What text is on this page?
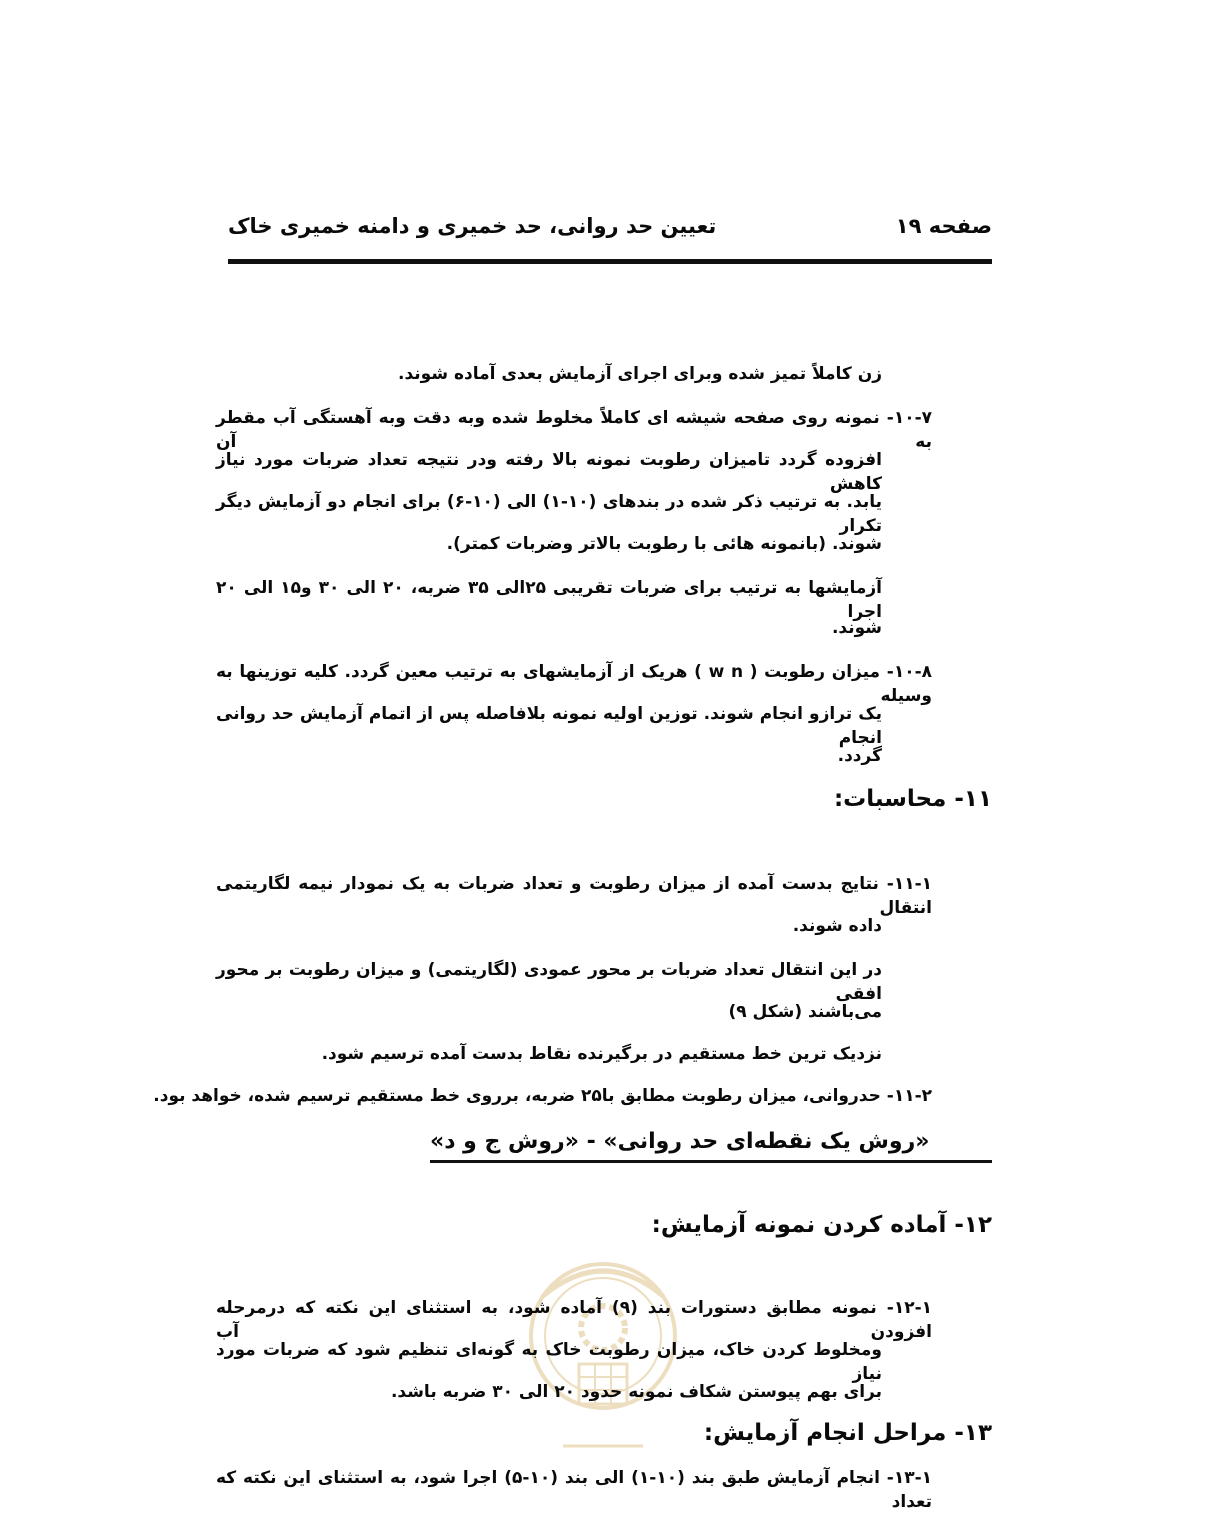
صفحه ۱۹
تعیین حد روانی، حد خمیری و دامنه خمیری خاک
زن کاملاً تمیز شده وبرای اجرای آزمایش بعدی آماده شوند.
۱۰-۷- نمونه روی صفحه شیشه ای کاملاً مخلوط شده وبه دقت وبه آهستگی آب مقطر به آن
افزوده گردد تامیزان رطوبت نمونه بالا رفته ودر نتیجه تعداد ضربات مورد نیاز کاهش
یابد. به ترتیب ذکر شده در بندهای (۱۰-۱) الی (۱۰-۶) برای انجام دو آزمایش دیگر تکرار
شوند. (بانمونه هائی با رطوبت بالاتر وضربات کمتر).
آزمایشها به ترتیب برای ضربات تقریبی ۲۵الی ۳۵ ضربه، ۲۰ الی ۳۰ و۱۵ الی ۲۰ اجرا
شوند.
۱۰-۸- میزان رطوبت ( w n ) هریک از آزمایشهای به ترتیب معین گردد. کلیه توزینها به وسیله
یک ترازو انجام شوند. توزین اولیه نمونه بلافاصله پس از اتمام آزمایش حد روانی انجام
گردد.
۱۱- محاسبات:
۱۱-۱- نتایج بدست آمده از میزان رطوبت و تعداد ضربات به یک نمودار نیمه لگاریتمی انتقال
داده شوند.
در این انتقال تعداد ضربات بر محور عمودی (لگاریتمی) و میزان رطوبت بر محور افقی
می‌باشند (شکل ۹)
نزدیک ترین خط مستقیم در برگیرنده نقاط بدست آمده ترسیم شود.
۱۱-۲- حدروانی، میزان رطوبت مطابق با۲۵ ضربه، برروی خط مستقیم ترسیم شده، خواهد بود.
«روش یک نقطه‌ای حد روانی» - «روش ج و د»
۱۲- آماده کردن نمونه آزمایش:
۱۲-۱- نمونه مطابق دستورات بند (۹) آماده شود، به استثنای این نکته که درمرحله افزودن آب
ومخلوط کردن خاک، میزان رطوبت خاک به گونه‌ای تنظیم شود که ضربات مورد نیاز
برای بهم پیوستن شکاف نمونه حدود ۲۰ الی ۳۰ ضربه باشد.
۱۳- مراحل انجام آزمایش:
۱۳-۱- انجام آزمایش طبق بند (۱۰-۱) الی بند (۱۰-۵) اجرا شود، به استثنای این نکته که تعداد
